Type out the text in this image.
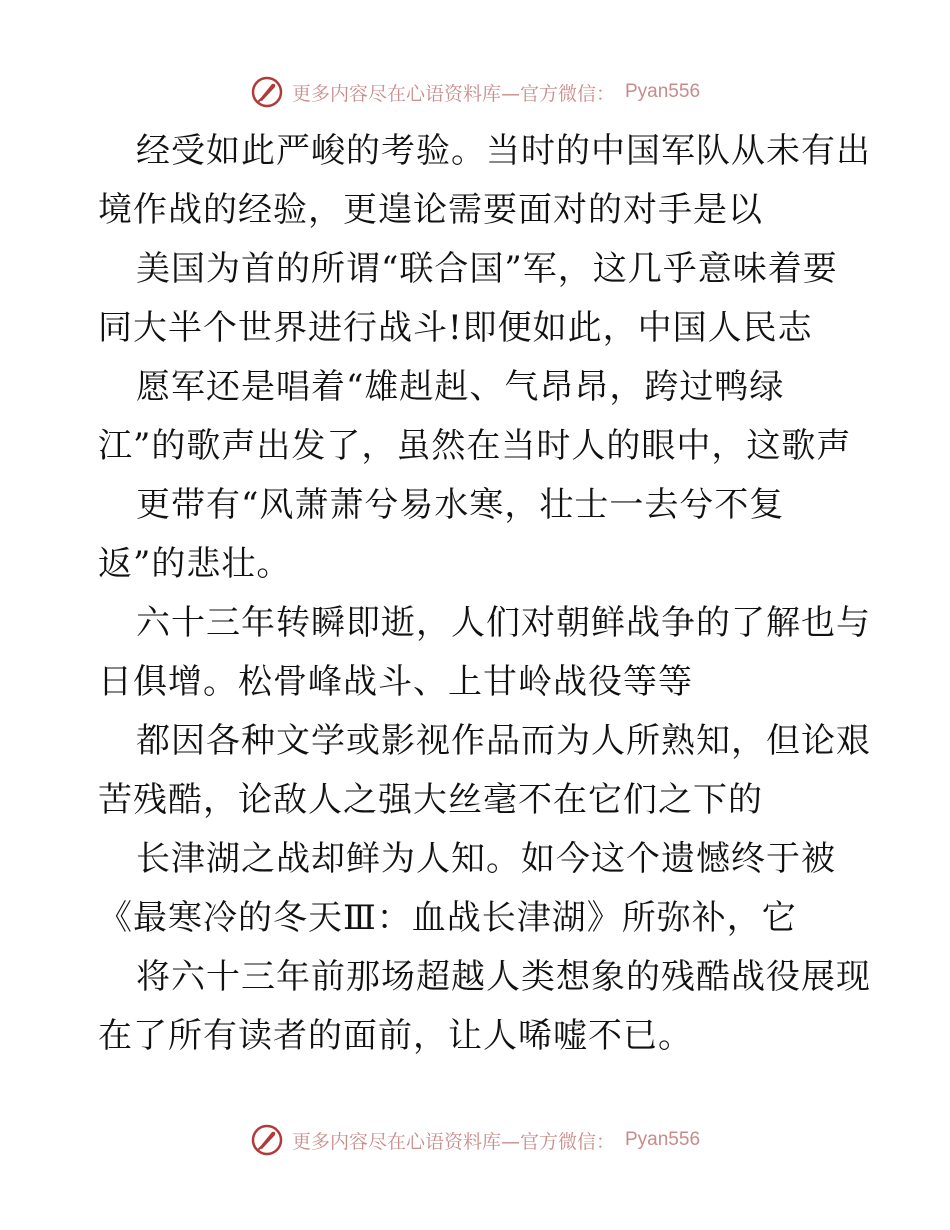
更多内容尽在心语资料库—官方微信： Pyan556
经受如此严峻的考验。当时的中国军队从未有出
境作战的经验，更遑论需要面对的对手是以
美国为首的所谓“联合国”军，这几乎意味着要
同大半个世界进行战斗!即便如此，中国人民志
愿军还是唱着“雄赳赳、气昂昂，跨过鸭绿
江”的歌声出发了，虽然在当时人的眼中，这歌声
更带有“风萧萧兮易水寒，壮士一去兮不复
返”的悲壮。
六十三年转瞬即逝，人们对朝鲜战争的了解也与
日俱增。松骨峰战斗、上甘岭战役等等
都因各种文学或影视作品而为人所熟知，但论艰
苦残酷，论敌人之强大丝毫不在它们之下的
长津湖之战却鲜为人知。如今这个遗憾终于被
《最寒冷的冬天Ⅲ：血战长津湖》所弥补，它
将六十三年前那场超越人类想象的残酷战役展现
在了所有读者的面前，让人唏嘘不已。
更多内容尽在心语资料库—官方微信： Pyan556
